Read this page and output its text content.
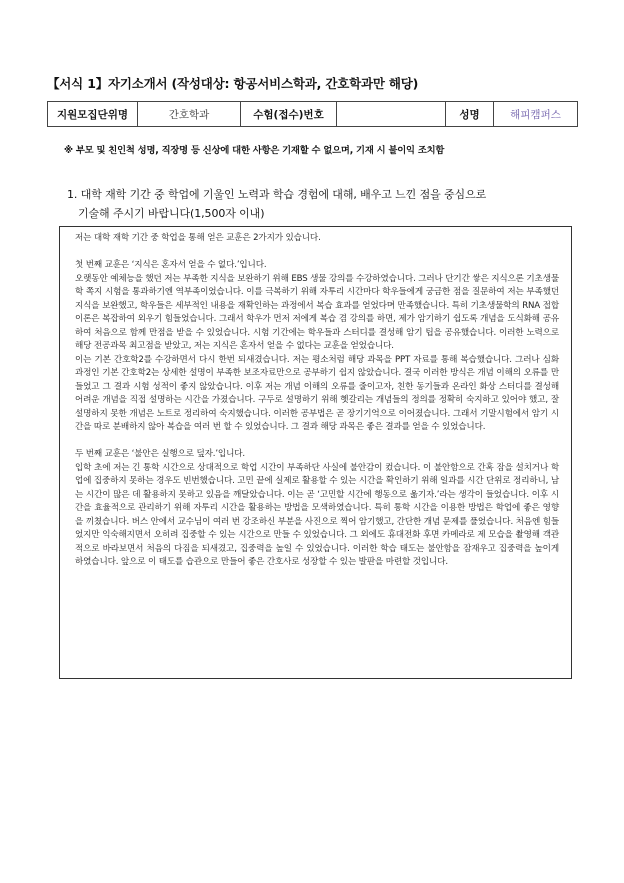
【서식 1】자기소개서 (작성대상: 항공서비스학과, 간호학과만 해당)
지원모집단위명	간호학과	수험(접수)번호		성명	해피캠퍼스
※ 부모 및 친인척 성명, 직장명 등 신상에 대한 사항은 기재할 수 없으며, 기재 시 불이익 조치함
1. 대학 재학 기간 중 학업에 기울인 노력과 학습 경험에 대해, 배우고 느낀 점을 중심으로
기술해 주시기 바랍니다(1,500자 이내)

저는 대학 재학 기간 중 학업을 통해 얻은 교훈은 2가지가 있습니다.

첫 번째 교훈은 ‘지식은 혼자서 얻을 수 없다.’입니다.

오랫동안 예체능을 했던 저는 부족한 지식을 보완하기 위해 EBS 생물 강의를 수강하였습니다. 그러나 단기간 쌓은 지식으론 기초생물학 쪽지 시험을 통과하기엔 역부족이었습니다. 이를 극복하기 위해 자투리 시간마다 학우들에게 궁금한 점을 질문하여 저는 부족했던 지식을 보완했고, 학우들은 세부적인 내용을 재확인하는 과정에서 복습 효과를 얻었다며 만족했습니다. 특히 기초생물학의 RNA 접합 이론은 복잡하여 외우기 힘들었습니다. 그래서 학우가 먼저 저에게 복습 겸 강의를 하면, 제가 암기하기 쉽도록 개념을 도식화해 공유하여 처음으로 함께 만점을 받을 수 있었습니다. 시험 기간에는 학우들과 스터디를 결성해 암기 팁을 공유했습니다. 이러한 노력으로 해당 전공과목 최고점을 받았고, 저는 지식은 혼자서 얻을 수 없다는 교훈을 얻었습니다.

이는 기본 간호학2를 수강하면서 다시 한번 되새겼습니다. 저는 평소처럼 해당 과목을 PPT 자료를 통해 복습했습니다. 그러나 심화 과정인 기본 간호학2는 상세한 설명이 부족한 보조자료만으로 공부하기 쉽지 않았습니다. 결국 이러한 방식은 개념 이해의 오류를 만들었고 그 결과 시험 성적이 좋지 않았습니다. 이후 저는 개념 이해의 오류를 줄이고자, 친한 동기들과 온라인 화상 스터디를 결성해 어려운 개념을 직접 설명하는 시간을 가졌습니다. 구두로 설명하기 위해 헷갈리는 개념들의 정의를 정확히 숙지하고 있어야 했고, 잘 설명하지 못한 개념은 노트로 정리하여 숙지했습니다. 이러한 공부법은 곧 장기기억으로 이어졌습니다. 그래서 기말시험에서 암기 시간을 따로 분배하지 않아 복습을 여러 번 할 수 있었습니다. 그 결과 해당 과목은 좋은 결과를 얻을 수 있었습니다.

두 번째 교훈은 ‘불안은 실행으로 덮자.’입니다.

입학 초에 저는 긴 통학 시간으로 상대적으로 학업 시간이 부족하단 사실에 불안감이 컸습니다. 이 불안함으로 간혹 잠을 설치거나 학업에 집중하지 못하는 경우도 빈번했습니다. 고민 끝에 실제로 활용할 수 있는 시간을 확인하기 위해 일과를 시간 단위로 정리하니, 남는 시간이 많은 데 활용하지 못하고 있음을 깨달았습니다. 이는 곧 ‘고민할 시간에 행동으로 옮기자.’라는 생각이 들었습니다. 이후 시간을 효율적으로 관리하기 위해 자투리 시간을 활용하는 방법을 모색하였습니다. 특히 통학 시간을 이용한 방법은 학업에 좋은 영향을 끼쳤습니다. 버스 안에서 교수님이 여러 번 강조하신 부분을 사진으로 찍어 암기했고, 간단한 개념 문제를 풀었습니다. 처음엔 힘들었지만 익숙해지면서 오히려 집중할 수 있는 시간으로 만들 수 있었습니다. 그 외에도 휴대전화 후면 카메라로 제 모습을 촬영해 객관적으로 바라보면서 처음의 다짐을 되새겼고, 집중력을 높일 수 있었습니다. 이러한 학습 태도는 불안함을 잠재우고 집중력을 높이게 하였습니다. 앞으로 이 태도를 습관으로 만들어 좋은 간호사로 성장할 수 있는 발판을 마련할 것입니다.
